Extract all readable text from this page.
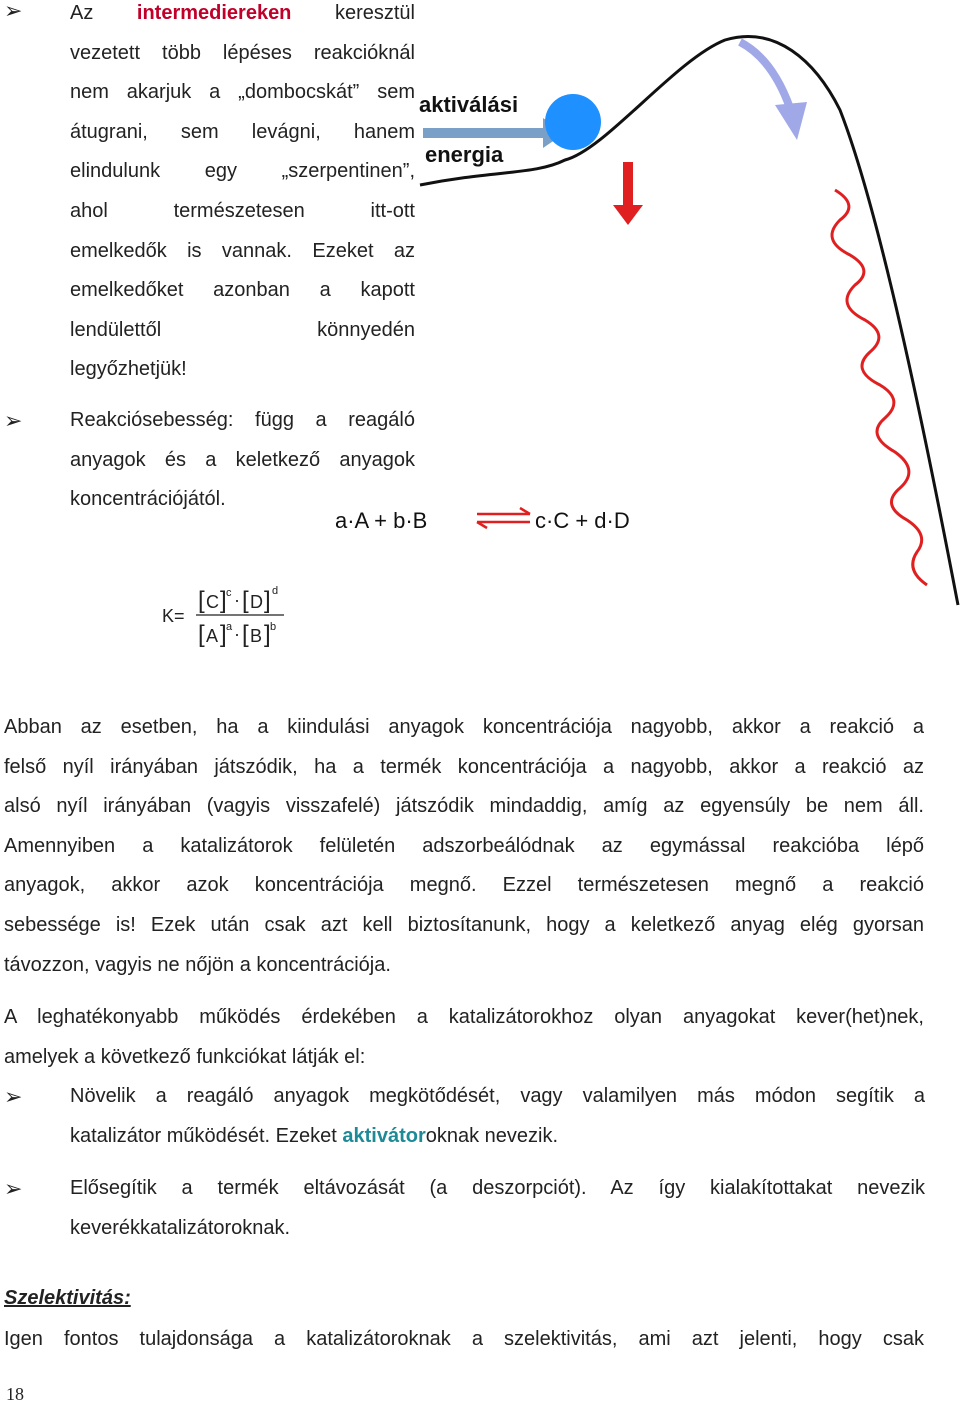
➢ Az intermediereken keresztül
vezetett több lépéses reakcióknál
nem akarjuk a „dombocskát” sem
átugrani, sem levágni, hanem
elindulunk egy „szerpentinen”,
ahol természetesen itt-ott
emelkedők is vannak. Ezeket az
emelkedőket azonban a kapott
lendülettől könnyedén
legyőzhetjük!
➢ Reakciósebesség: függ a reagáló
anyagok és a keletkező anyagok
koncentrációjától.
aktiválási
energia
a·A + b·B	c·C + d·D
K=
[ C ] c · [ D ] d
[ A ] a · [ B ] b
Abban az esetben, ha a kiindulási anyagok koncentrációja nagyobb, akkor a reakció a
felső nyíl irányában játszódik, ha a termék koncentrációja a nagyobb, akkor a reakció az
alsó nyíl irányában (vagyis visszafelé) játszódik mindaddig, amíg az egyensúly be nem áll.
Amennyiben a katalizátorok felületén adszorbeálódnak az egymással reakcióba lépő
anyagok, akkor azok koncentrációja megnő. Ezzel természetesen megnő a reakció
sebessége is! Ezek után csak azt kell biztosítanunk, hogy a keletkező anyag elég gyorsan
távozzon, vagyis ne nőjön a koncentrációja.
A leghatékonyabb működés érdekében a katalizátorokhoz olyan anyagokat kever(het)nek,
amelyek a következő funkciókat látják el:
➢ Növelik a reagáló anyagok megkötődését, vagy valamilyen más módon segítik a
katalizátor működését. Ezeket aktivátoroknak nevezik.
➢ Elősegítik a termék eltávozását (a deszorpciót). Az így kialakítottakat nevezik
keverékkatalizátoroknak.
Szelektivitás:
Igen fontos tulajdonsága a katalizátoroknak a szelektivitás, ami azt jelenti, hogy csak
18
